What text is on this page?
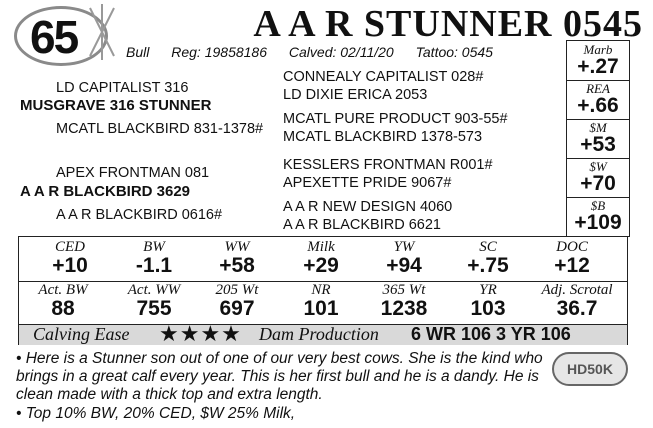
65	A A R STUNNER 0545
Bull Reg: 19858186 Calved: 02/11/20 Tattoo: 0545
LD CAPITALIST 316
MUSGRAVE 316 STUNNER
MCATL BLACKBIRD 831-1378#
CONNEALY CAPITALIST 028#
LD DIXIE ERICA 2053
MCATL PURE PRODUCT 903-55#
MCATL BLACKBIRD 1378-573
APEX FRONTMAN 081
A A R BLACKBIRD 3629
A A R BLACKBIRD 0616#
KESSLERS FRONTMAN R001#
APEXETTE PRIDE 9067#
A A R NEW DESIGN 4060
A A R BLACKBIRD 6621
Marb
+.27
REA
+.66
$M
+53
$W
+70
$B
+109
CED
+10
BW
-1.1
WW
+58
Milk
+29
YW
+94
SC
+.75
DOC
+12
Act. BW
88
Act. WW
755
205 Wt
697
NR
101
365 Wt
1238
YR
103
Adj. Scrotal
36.7
Calving Ease ★★★★ Dam Production 6 WR 106 3 YR 106
• Here is a Stunner son out of one of our very best cows. She is the kind who brings in a great calf every year. This is her first bull and he is a dandy. He is clean made with a thick top and extra length.
• Top 10% BW, 20% CED, $W 25% Milk,
HD50K
